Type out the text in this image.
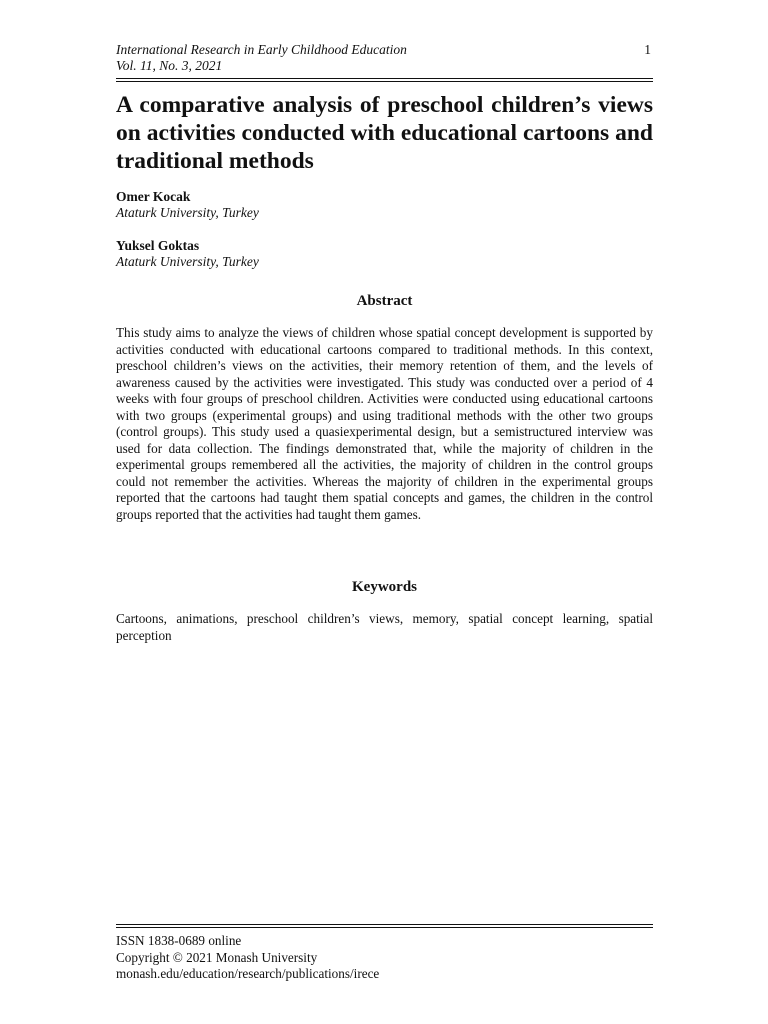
International Research in Early Childhood Education
Vol. 11, No. 3, 2021
1
A comparative analysis of preschool children’s views on activities conducted with educational cartoons and traditional methods
Omer Kocak
Ataturk University, Turkey
Yuksel Goktas
Ataturk University, Turkey
Abstract

This study aims to analyze the views of children whose spatial concept development is supported by activities conducted with educational cartoons compared to traditional methods. In this context, preschool children’s views on the activities, their memory retention of them, and the levels of awareness caused by the activities were investigated. This study was conducted over a period of 4 weeks with four groups of preschool children. Activities were conducted using educational cartoons with two groups (experimental groups) and using traditional methods with the other two groups (control groups). This study used a quasiexperimental design, but a semistructured interview was used for data collection. The findings demonstrated that, while the majority of children in the experimental groups remembered all the activities, the majority of children in the control groups could not remember the activities. Whereas the majority of children in the experimental groups reported that the cartoons had taught them spatial concepts and games, the children in the control groups reported that the activities had taught them games.

Keywords

Cartoons, animations, preschool children’s views, memory, spatial concept learning, spatial perception

ISSN 1838-0689 online
Copyright © 2021 Monash University
monash.edu/education/research/publications/irece
